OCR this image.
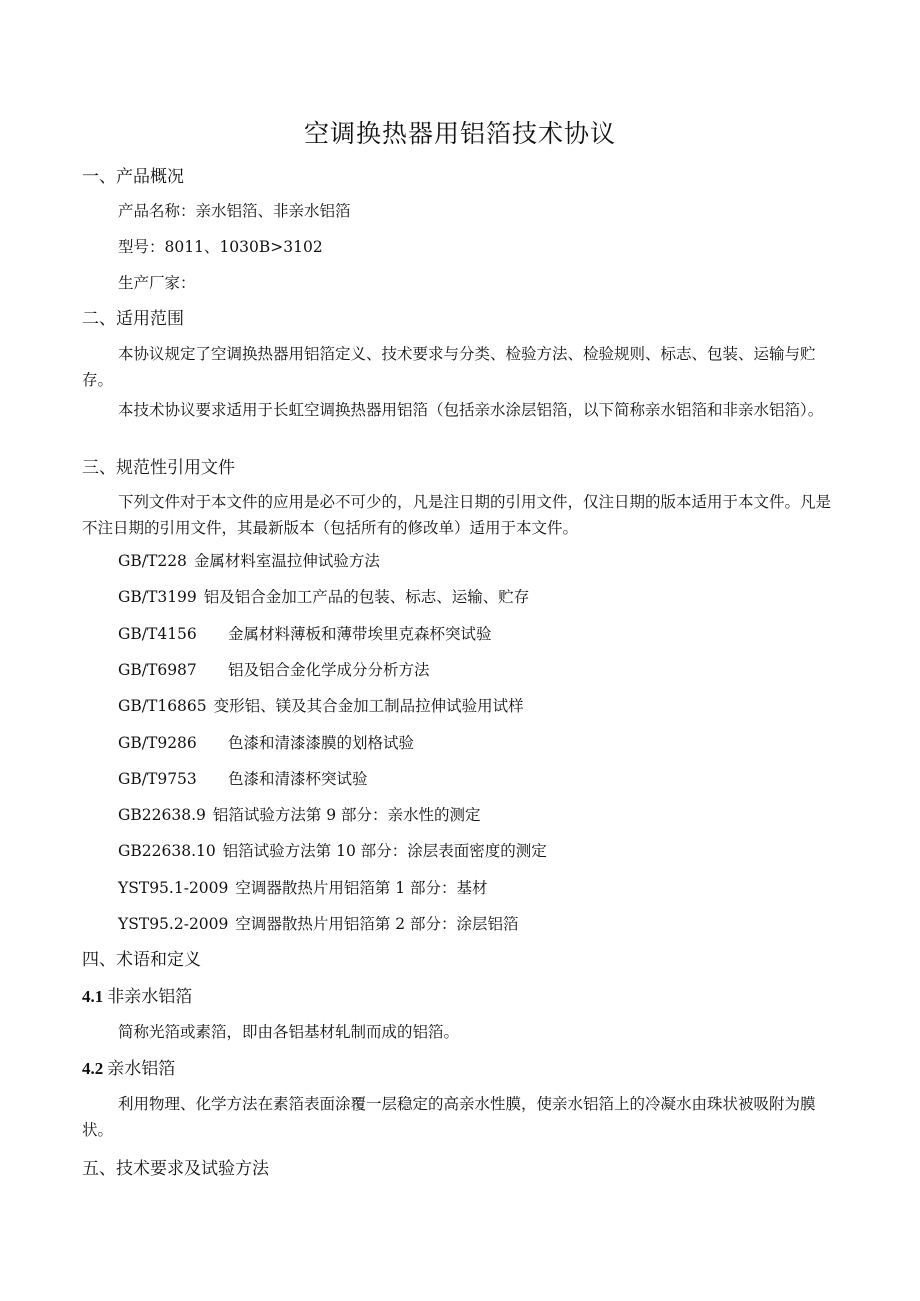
空调换热器用铝箔技术协议
一、产品概况
产品名称：亲水铝箔、非亲水铝箔
型号：8011、1030B>3102
生产厂家：
二、适用范围
本协议规定了空调换热器用铝箔定义、技术要求与分类、检验方法、检验规则、标志、包装、运输与贮存。
本技术协议要求适用于长虹空调换热器用铝箔（包括亲水涂层铝箔，以下简称亲水铝箔和非亲水铝箔）。
三、规范性引用文件
下列文件对于本文件的应用是必不可少的，凡是注日期的引用文件，仅注日期的版本适用于本文件。凡是不注日期的引用文件，其最新版本（包括所有的修改单）适用于本文件。
GB/T228 金属材料室温拉伸试验方法
GB/T3199 铝及铝合金加工产品的包装、标志、运输、贮存
GB/T4156 金属材料薄板和薄带埃里克森杯突试验
GB/T6987 铝及铝合金化学成分分析方法
GB/T16865 变形铝、镁及其合金加工制品拉伸试验用试样
GB/T9286 色漆和清漆漆膜的划格试验
GB/T9753 色漆和清漆杯突试验
GB22638.9 铝箔试验方法第 9 部分：亲水性的测定
GB22638.10 铝箔试验方法第 10 部分：涂层表面密度的测定
YST95.1-2009 空调器散热片用铝箔第 1 部分：基材
YST95.2-2009 空调器散热片用铝箔第 2 部分：涂层铝箔
四、术语和定义
4.1 非亲水铝箔
简称光箔或素箔，即由各铝基材轧制而成的铝箔。
4.2 亲水铝箔
利用物理、化学方法在素箔表面涂覆一层稳定的高亲水性膜，使亲水铝箔上的冷凝水由珠状被吸附为膜状。
五、技术要求及试验方法
